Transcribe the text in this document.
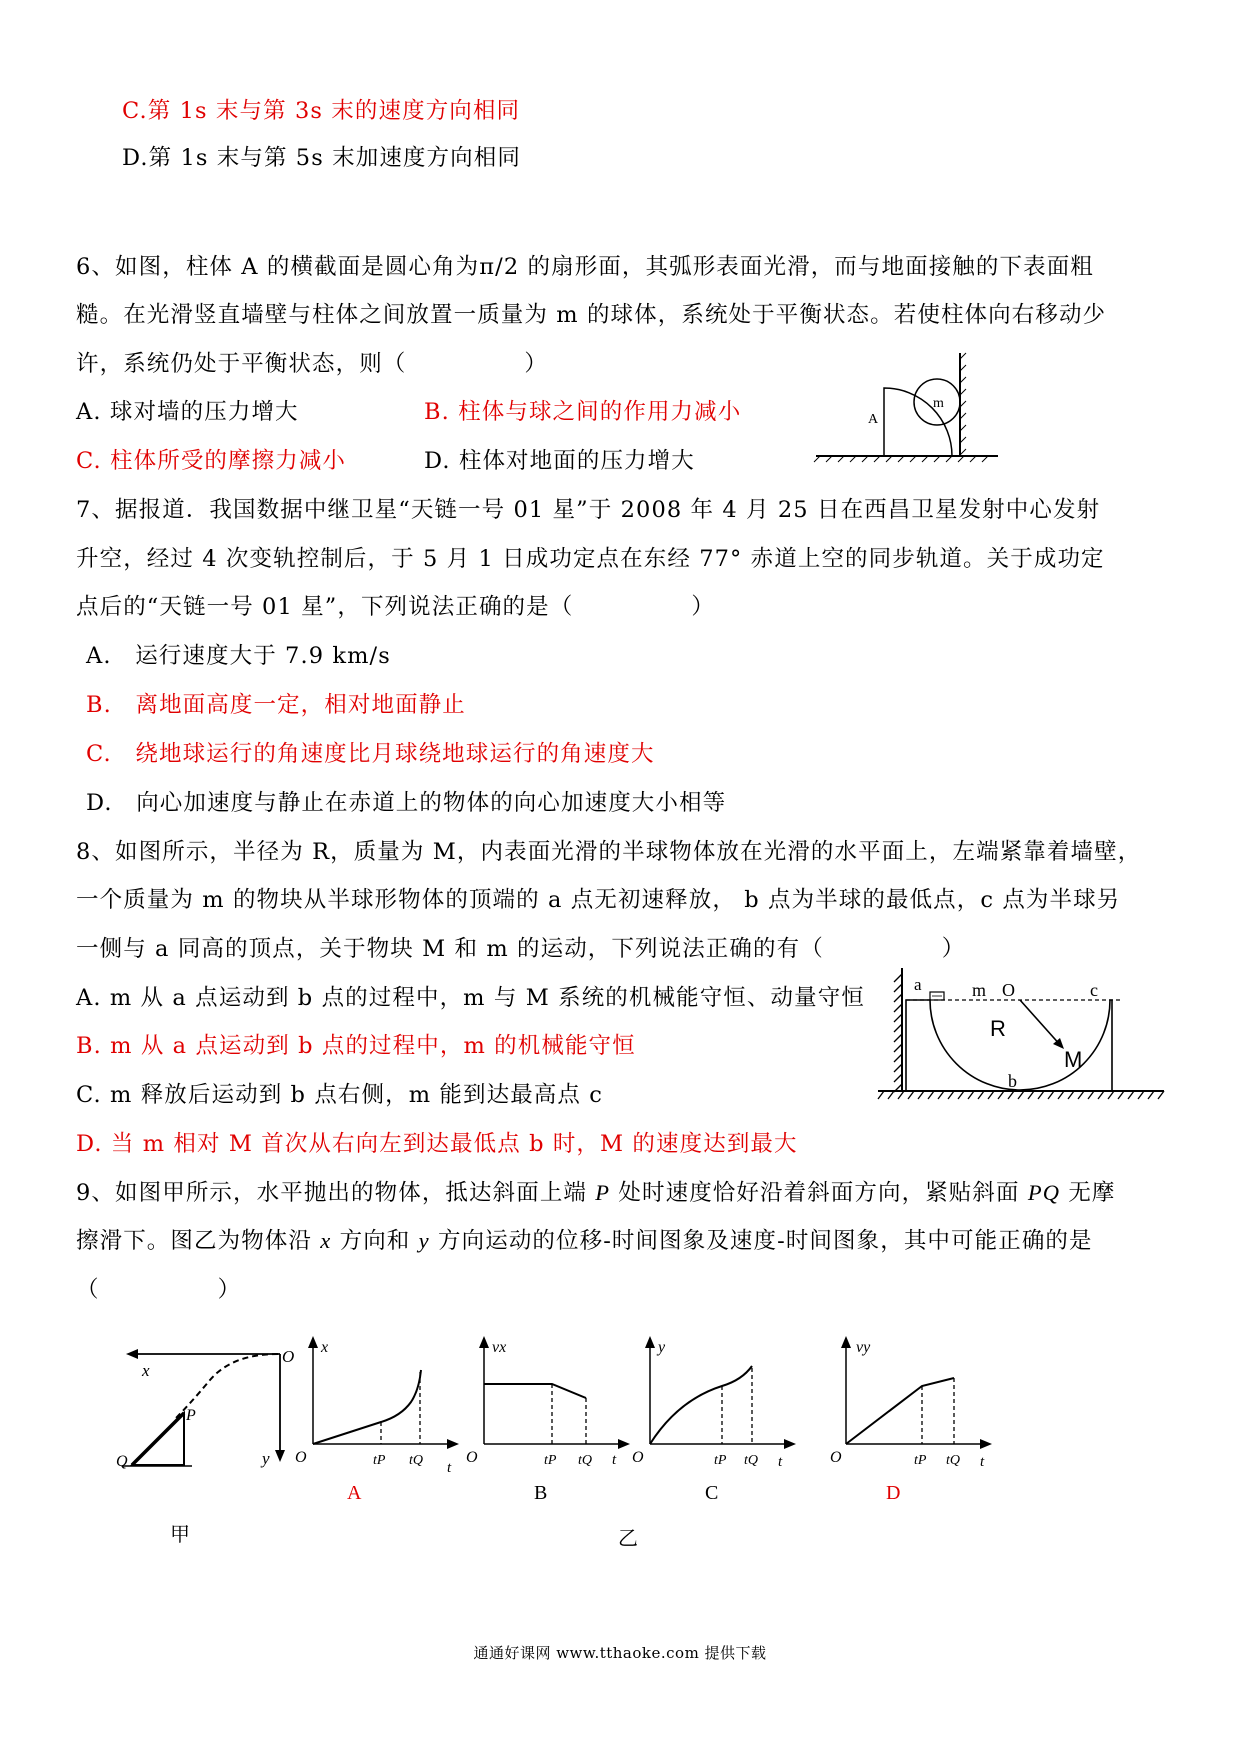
C.第 1s 末与第 3s 末的速度方向相同
D.第 1s 末与第 5s 末加速度方向相同
6、如图，柱体 A 的横截面是圆心角为π/2 的扇形面，其弧形表面光滑，而与地面接触的下表面粗
糙。在光滑竖直墙壁与柱体之间放置一质量为 m 的球体，系统处于平衡状态。若使柱体向右移动少
许，系统仍处于平衡状态，则（　　　　　）
A. 球对墙的压力增大	B. 柱体与球之间的作用力减小
C. 柱体所受的摩擦力减小	D. 柱体对地面的压力增大
A
m
7、据报道．我国数据中继卫星“天链一号 01 星”于 2008 年 4 月 25 日在西昌卫星发射中心发射
升空，经过 4 次变轨控制后，于 5 月 1 日成功定点在东经 77° 赤道上空的同步轨道。关于成功定
点后的“天链一号 01 星”，下列说法正确的是（　　　　　）
A.　运行速度大于 7.9 km/s
B.　离地面高度一定，相对地面静止
C.　绕地球运行的角速度比月球绕地球运行的角速度大
D.　向心加速度与静止在赤道上的物体的向心加速度大小相等
8、如图所示，半径为 R，质量为 M，内表面光滑的半球物体放在光滑的水平面上，左端紧靠着墙壁，
一个质量为 m 的物块从半球形物体的顶端的 a 点无初速释放， b 点为半球的最低点，c 点为半球另
一侧与 a 同高的顶点，关于物块 M 和 m 的运动，下列说法正确的有（　　　　　）
A. m 从 a 点运动到 b 点的过程中，m 与 M 系统的机械能守恒、动量守恒
B. m 从 a 点运动到 b 点的过程中，m 的机械能守恒
C. m 释放后运动到 b 点右侧，m 能到达最高点 c
D. 当 m 相对 M 首次从右向左到达最低点 b 时，M 的速度达到最大
a	m O	c
R
M
b
9、如图甲所示，水平抛出的物体，抵达斜面上端 P 处时速度恰好沿着斜面方向，紧贴斜面 PQ 无摩
擦滑下。图乙为物体沿 x 方向和 y 方向运动的位移-时间图象及速度-时间图象，其中可能正确的是
（　　　　　）
x
O
y
P
Q
甲
x
O	tP tQ t
A
vx
O	tP tQ t
B
y
O	tP tQ t
C
vy
O	tP tQ t
D
乙
通通好课网 www.tthaoke.com 提供下载
